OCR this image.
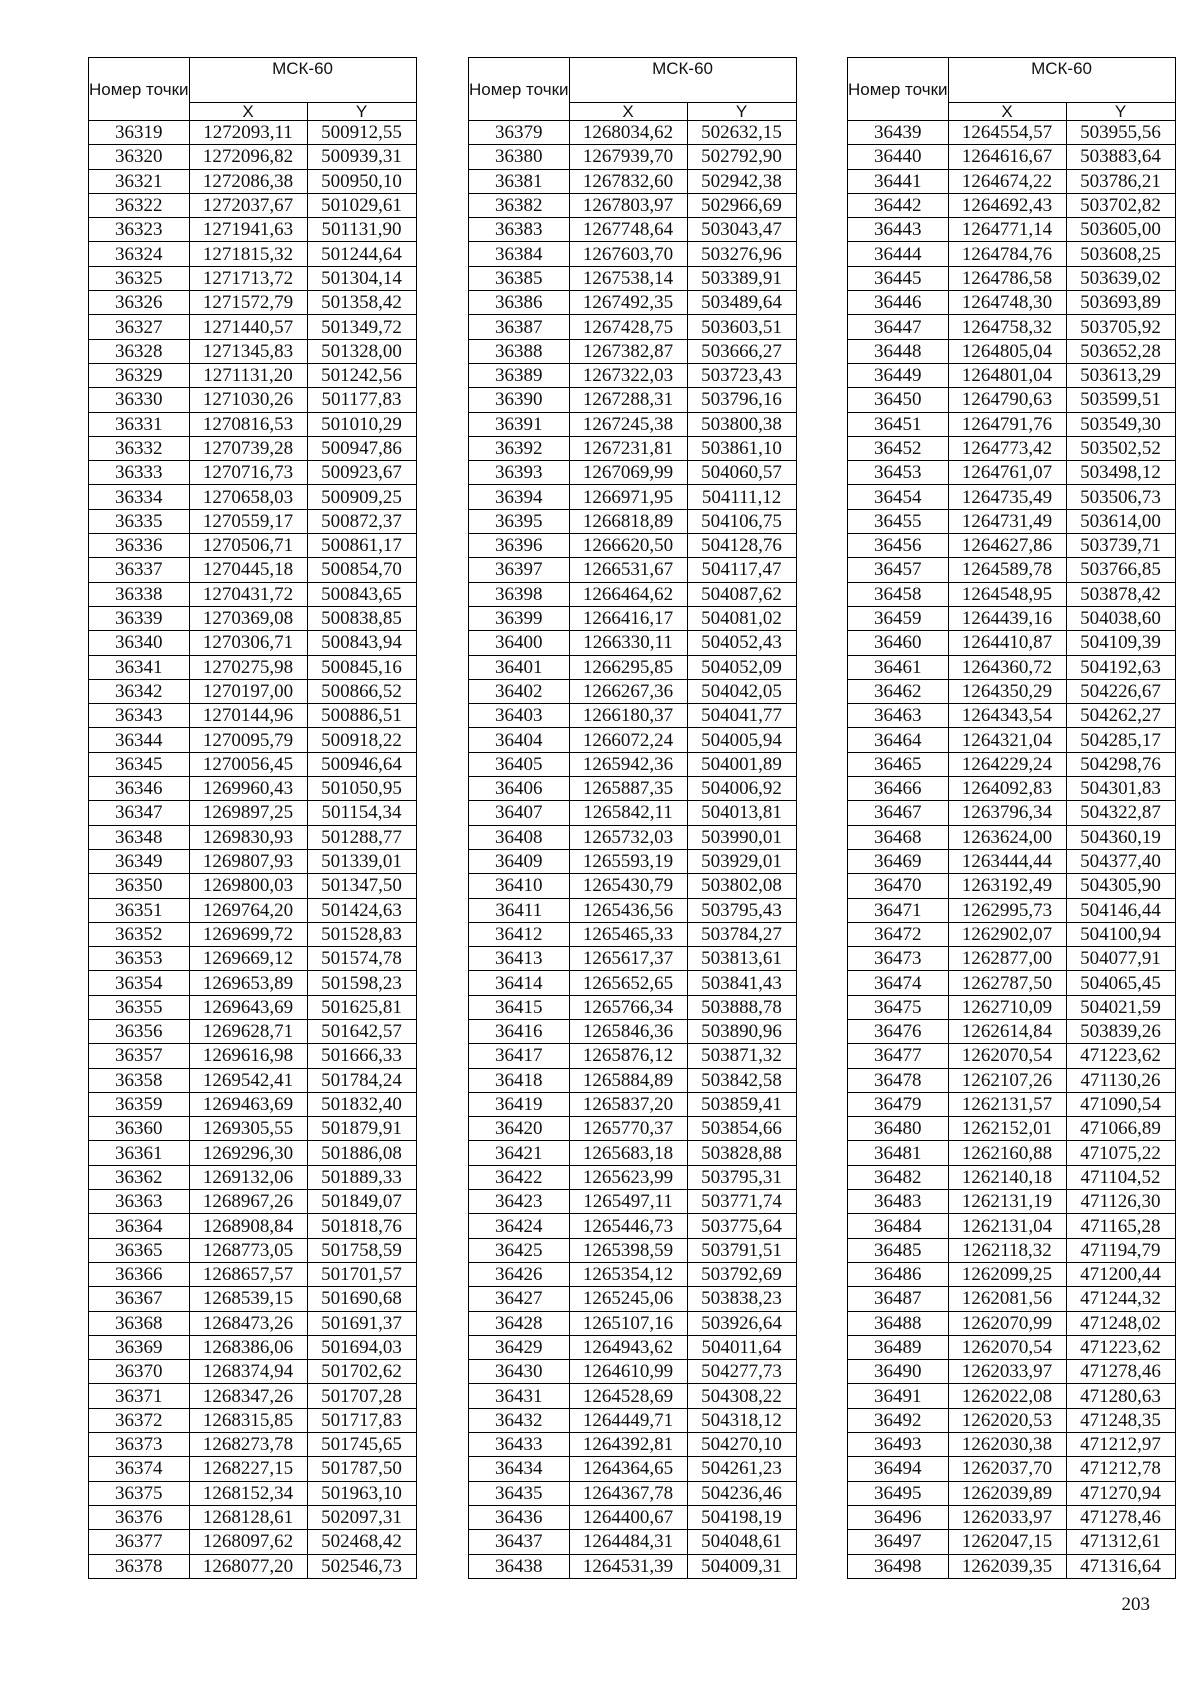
Номер точки	МСК-60	
	X	Y
36319	1272093,11	500912,55
36320	1272096,82	500939,31
36321	1272086,38	500950,10
36322	1272037,67	501029,61
36323	1271941,63	501131,90
36324	1271815,32	501244,64
36325	1271713,72	501304,14
36326	1271572,79	501358,42
36327	1271440,57	501349,72
36328	1271345,83	501328,00
36329	1271131,20	501242,56
36330	1271030,26	501177,83
36331	1270816,53	501010,29
36332	1270739,28	500947,86
36333	1270716,73	500923,67
36334	1270658,03	500909,25
36335	1270559,17	500872,37
36336	1270506,71	500861,17
36337	1270445,18	500854,70
36338	1270431,72	500843,65
36339	1270369,08	500838,85
36340	1270306,71	500843,94
36341	1270275,98	500845,16
36342	1270197,00	500866,52
36343	1270144,96	500886,51
36344	1270095,79	500918,22
36345	1270056,45	500946,64
36346	1269960,43	501050,95
36347	1269897,25	501154,34
36348	1269830,93	501288,77
36349	1269807,93	501339,01
36350	1269800,03	501347,50
36351	1269764,20	501424,63
36352	1269699,72	501528,83
36353	1269669,12	501574,78
36354	1269653,89	501598,23
36355	1269643,69	501625,81
36356	1269628,71	501642,57
36357	1269616,98	501666,33
36358	1269542,41	501784,24
36359	1269463,69	501832,40
36360	1269305,55	501879,91
36361	1269296,30	501886,08
36362	1269132,06	501889,33
36363	1268967,26	501849,07
36364	1268908,84	501818,76
36365	1268773,05	501758,59
36366	1268657,57	501701,57
36367	1268539,15	501690,68
36368	1268473,26	501691,37
36369	1268386,06	501694,03
36370	1268374,94	501702,62
36371	1268347,26	501707,28
36372	1268315,85	501717,83
36373	1268273,78	501745,65
36374	1268227,15	501787,50
36375	1268152,34	501963,10
36376	1268128,61	502097,31
36377	1268097,62	502468,42
36378	1268077,20	502546,73
Номер точки	МСК-60	
	X	Y
36379	1268034,62	502632,15
36380	1267939,70	502792,90
36381	1267832,60	502942,38
36382	1267803,97	502966,69
36383	1267748,64	503043,47
36384	1267603,70	503276,96
36385	1267538,14	503389,91
36386	1267492,35	503489,64
36387	1267428,75	503603,51
36388	1267382,87	503666,27
36389	1267322,03	503723,43
36390	1267288,31	503796,16
36391	1267245,38	503800,38
36392	1267231,81	503861,10
36393	1267069,99	504060,57
36394	1266971,95	504111,12
36395	1266818,89	504106,75
36396	1266620,50	504128,76
36397	1266531,67	504117,47
36398	1266464,62	504087,62
36399	1266416,17	504081,02
36400	1266330,11	504052,43
36401	1266295,85	504052,09
36402	1266267,36	504042,05
36403	1266180,37	504041,77
36404	1266072,24	504005,94
36405	1265942,36	504001,89
36406	1265887,35	504006,92
36407	1265842,11	504013,81
36408	1265732,03	503990,01
36409	1265593,19	503929,01
36410	1265430,79	503802,08
36411	1265436,56	503795,43
36412	1265465,33	503784,27
36413	1265617,37	503813,61
36414	1265652,65	503841,43
36415	1265766,34	503888,78
36416	1265846,36	503890,96
36417	1265876,12	503871,32
36418	1265884,89	503842,58
36419	1265837,20	503859,41
36420	1265770,37	503854,66
36421	1265683,18	503828,88
36422	1265623,99	503795,31
36423	1265497,11	503771,74
36424	1265446,73	503775,64
36425	1265398,59	503791,51
36426	1265354,12	503792,69
36427	1265245,06	503838,23
36428	1265107,16	503926,64
36429	1264943,62	504011,64
36430	1264610,99	504277,73
36431	1264528,69	504308,22
36432	1264449,71	504318,12
36433	1264392,81	504270,10
36434	1264364,65	504261,23
36435	1264367,78	504236,46
36436	1264400,67	504198,19
36437	1264484,31	504048,61
36438	1264531,39	504009,31
Номер точки	МСК-60	
	X	Y
36439	1264554,57	503955,56
36440	1264616,67	503883,64
36441	1264674,22	503786,21
36442	1264692,43	503702,82
36443	1264771,14	503605,00
36444	1264784,76	503608,25
36445	1264786,58	503639,02
36446	1264748,30	503693,89
36447	1264758,32	503705,92
36448	1264805,04	503652,28
36449	1264801,04	503613,29
36450	1264790,63	503599,51
36451	1264791,76	503549,30
36452	1264773,42	503502,52
36453	1264761,07	503498,12
36454	1264735,49	503506,73
36455	1264731,49	503614,00
36456	1264627,86	503739,71
36457	1264589,78	503766,85
36458	1264548,95	503878,42
36459	1264439,16	504038,60
36460	1264410,87	504109,39
36461	1264360,72	504192,63
36462	1264350,29	504226,67
36463	1264343,54	504262,27
36464	1264321,04	504285,17
36465	1264229,24	504298,76
36466	1264092,83	504301,83
36467	1263796,34	504322,87
36468	1263624,00	504360,19
36469	1263444,44	504377,40
36470	1263192,49	504305,90
36471	1262995,73	504146,44
36472	1262902,07	504100,94
36473	1262877,00	504077,91
36474	1262787,50	504065,45
36475	1262710,09	504021,59
36476	1262614,84	503839,26
36477	1262070,54	471223,62
36478	1262107,26	471130,26
36479	1262131,57	471090,54
36480	1262152,01	471066,89
36481	1262160,88	471075,22
36482	1262140,18	471104,52
36483	1262131,19	471126,30
36484	1262131,04	471165,28
36485	1262118,32	471194,79
36486	1262099,25	471200,44
36487	1262081,56	471244,32
36488	1262070,99	471248,02
36489	1262070,54	471223,62
36490	1262033,97	471278,46
36491	1262022,08	471280,63
36492	1262020,53	471248,35
36493	1262030,38	471212,97
36494	1262037,70	471212,78
36495	1262039,89	471270,94
36496	1262033,97	471278,46
36497	1262047,15	471312,61
36498	1262039,35	471316,64
203
